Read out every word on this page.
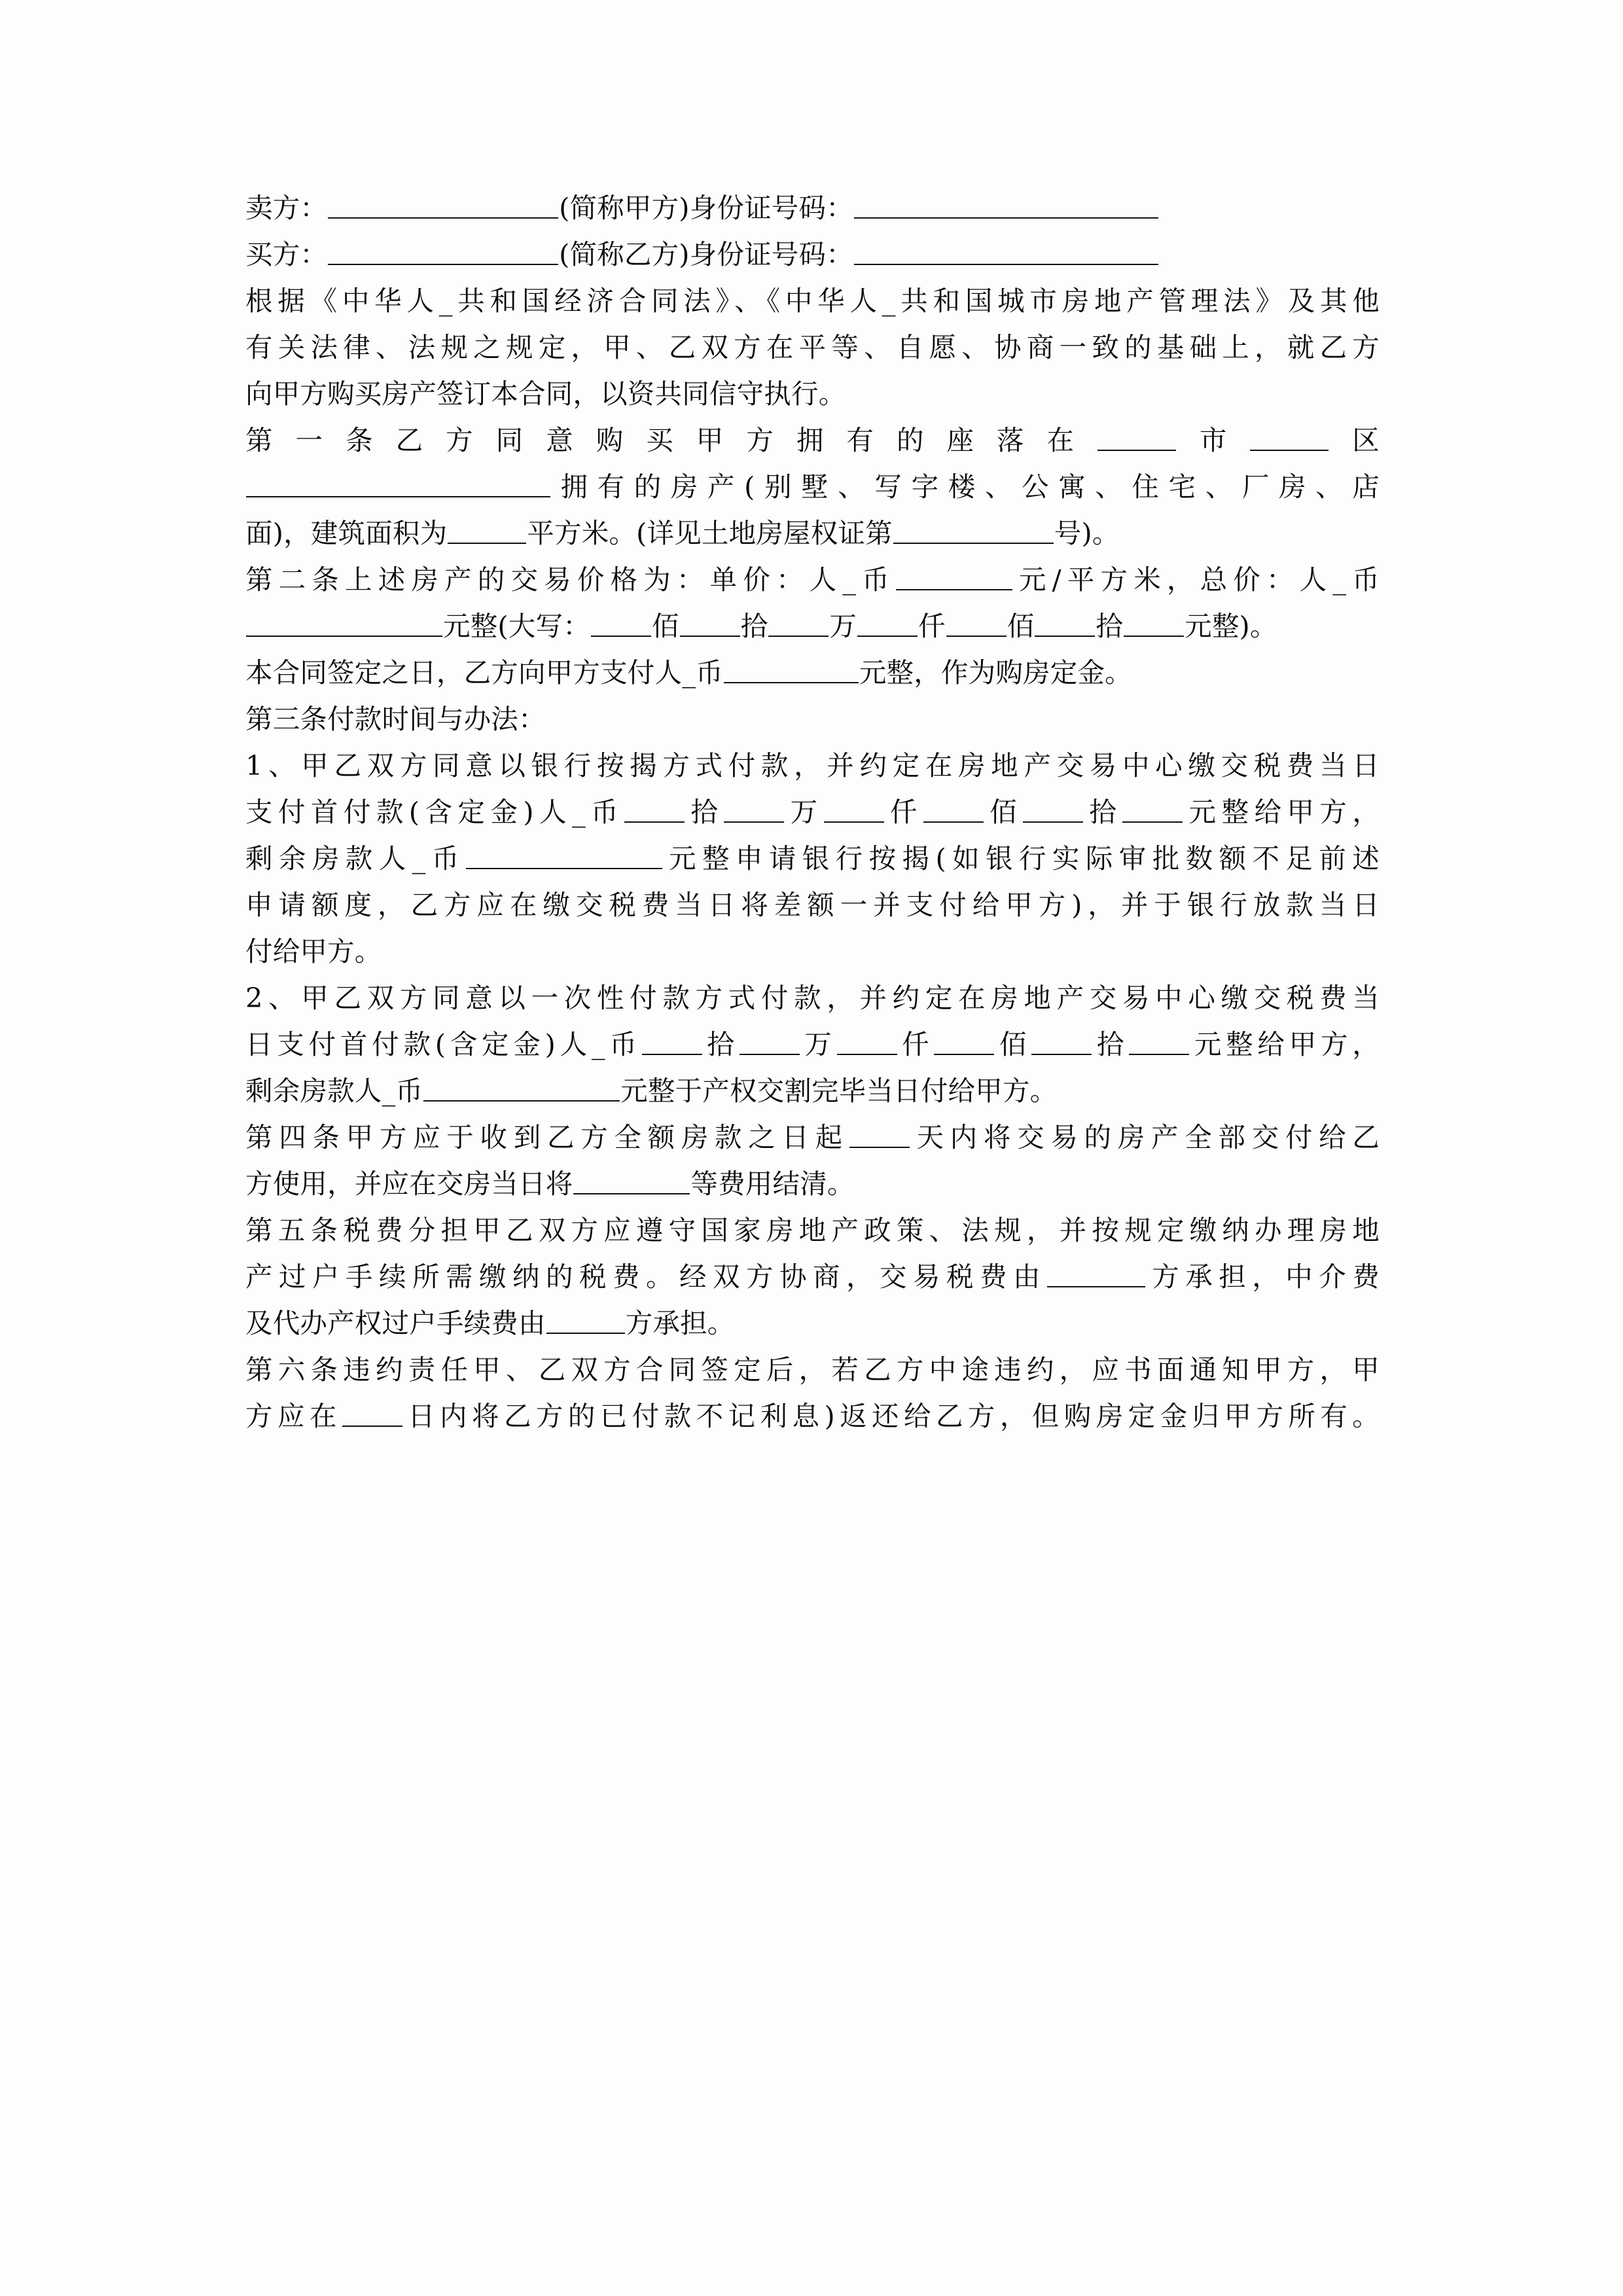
卖方：	(简称甲方)身份证号码：

买方：	(简称乙方)身份证号码：

根据《中华人_共和国经济合同法》、《中华人_共和国城市房地产管理法》及其他

有关法律、法规之规定，甲、乙双方在平等、自愿、协商一致的基础上，就乙方

向甲方购买房产签订本合同，以资共同信守执行。

第一条乙方同意购买甲方拥有的座落在	市	区

拥有的房产(别墅、写字楼、公寓、住宅、厂房、店

面)，建筑面积为	平方米。(详见土地房屋权证第	号)。

第二条上述房产的交易价格为：单价：人_币	元/平方米，总价：人_币

元整(大写： 佰 拾 万 仟 佰 拾 元整)。

本合同签定之日，乙方向甲方支付人_币	元整，作为购房定金。

第三条付款时间与办法：

1、甲乙双方同意以银行按揭方式付款，并约定在房地产交易中心缴交税费当日

支付首付款(含定金)人_币 拾 万 仟 佰 拾 元整给甲方，

剩余房款人_币	元整申请银行按揭(如银行实际审批数额不足前述

申请额度，乙方应在缴交税费当日将差额一并支付给甲方)，并于银行放款当日

付给甲方。

2、甲乙双方同意以一次性付款方式付款，并约定在房地产交易中心缴交税费当

日支付首付款(含定金)人_币 拾 万 仟 佰 拾 元整给甲方，

剩余房款人_币	元整于产权交割完毕当日付给甲方。

第四条甲方应于收到乙方全额房款之日起 天内将交易的房产全部交付给乙

方使用，并应在交房当日将	等费用结清。

第五条税费分担甲乙双方应遵守国家房地产政策、法规，并按规定缴纳办理房地

产过户手续所需缴纳的税费。经双方协商，交易税费由	方承担，中介费

及代办产权过户手续费由	方承担。

第六条违约责任甲、乙双方合同签定后，若乙方中途违约，应书面通知甲方，甲

方应在 日内将乙方的已付款不记利息)返还给乙方，但购房定金归甲方所有。
